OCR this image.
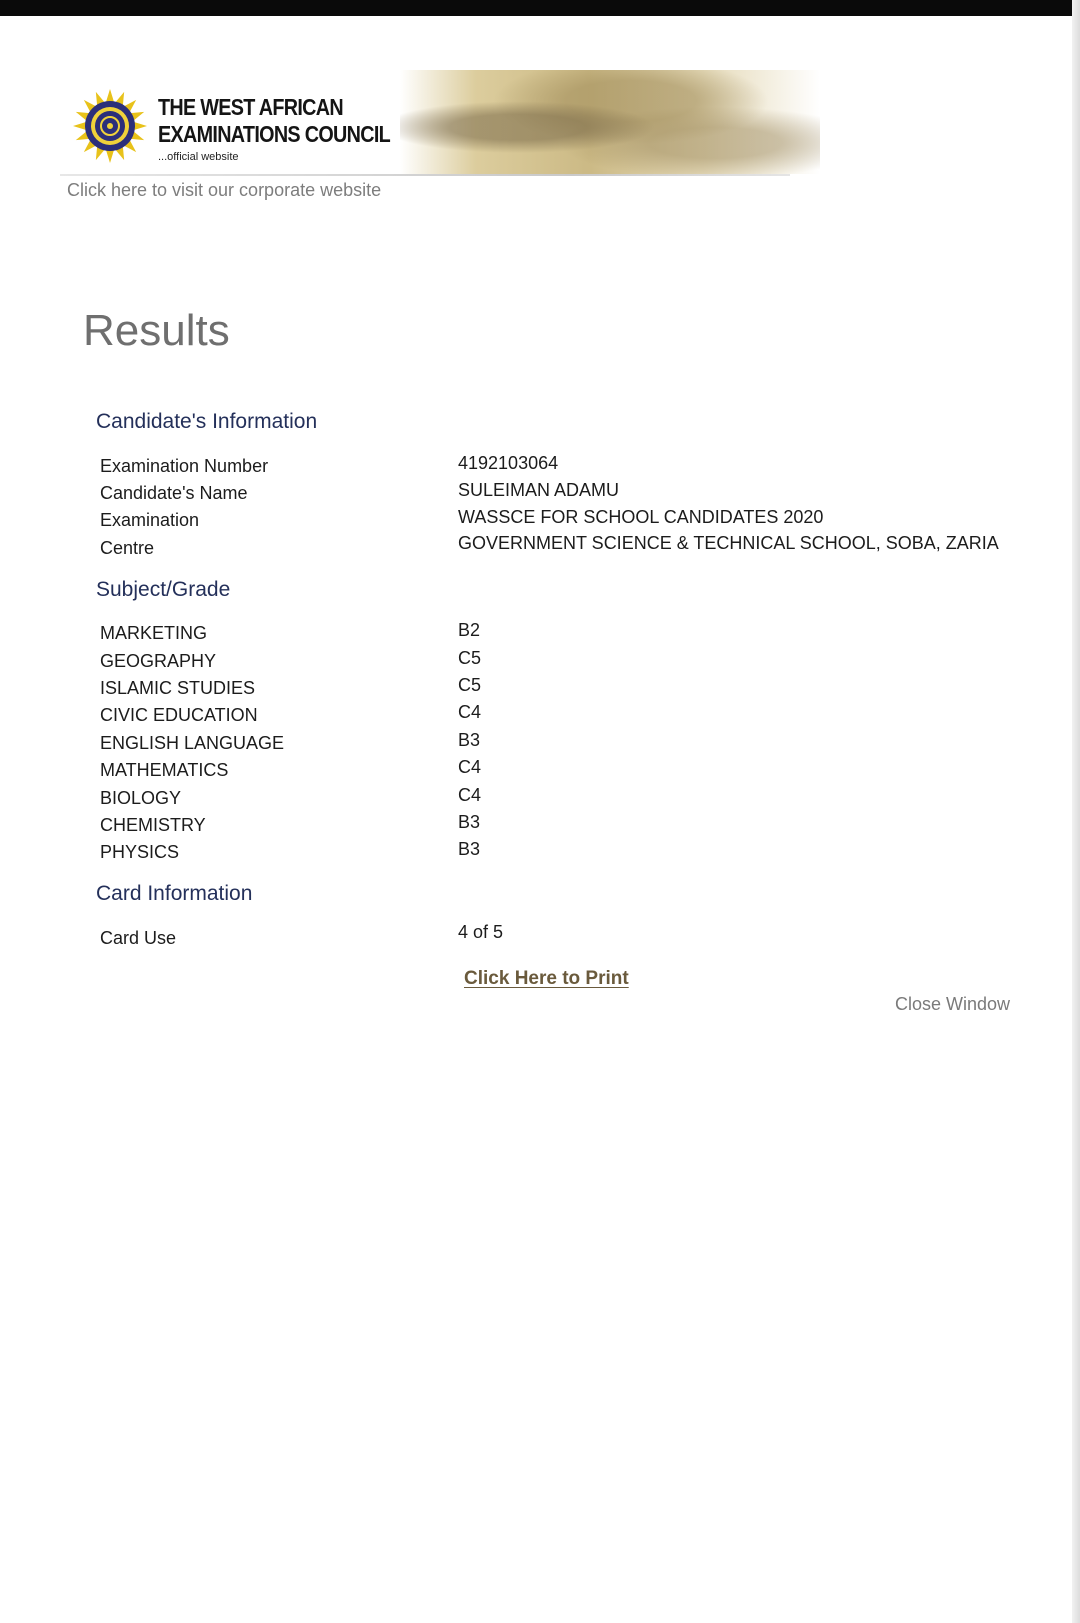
THE WEST AFRICAN
EXAMINATIONS COUNCIL
...official website
Click here to visit our corporate website
Results
Candidate's Information
Examination Number	4192103064
Candidate's Name	SULEIMAN ADAMU
Examination	WASSCE FOR SCHOOL CANDIDATES 2020
Centre	GOVERNMENT SCIENCE & TECHNICAL SCHOOL, SOBA, ZARIA
Subject/Grade
MARKETING	B2
GEOGRAPHY	C5
ISLAMIC STUDIES	C5
CIVIC EDUCATION	C4
ENGLISH LANGUAGE	B3
MATHEMATICS	C4
BIOLOGY	C4
CHEMISTRY	B3
PHYSICS	B3
Card Information
Card Use	4 of 5
Click Here to Print
Close Window
